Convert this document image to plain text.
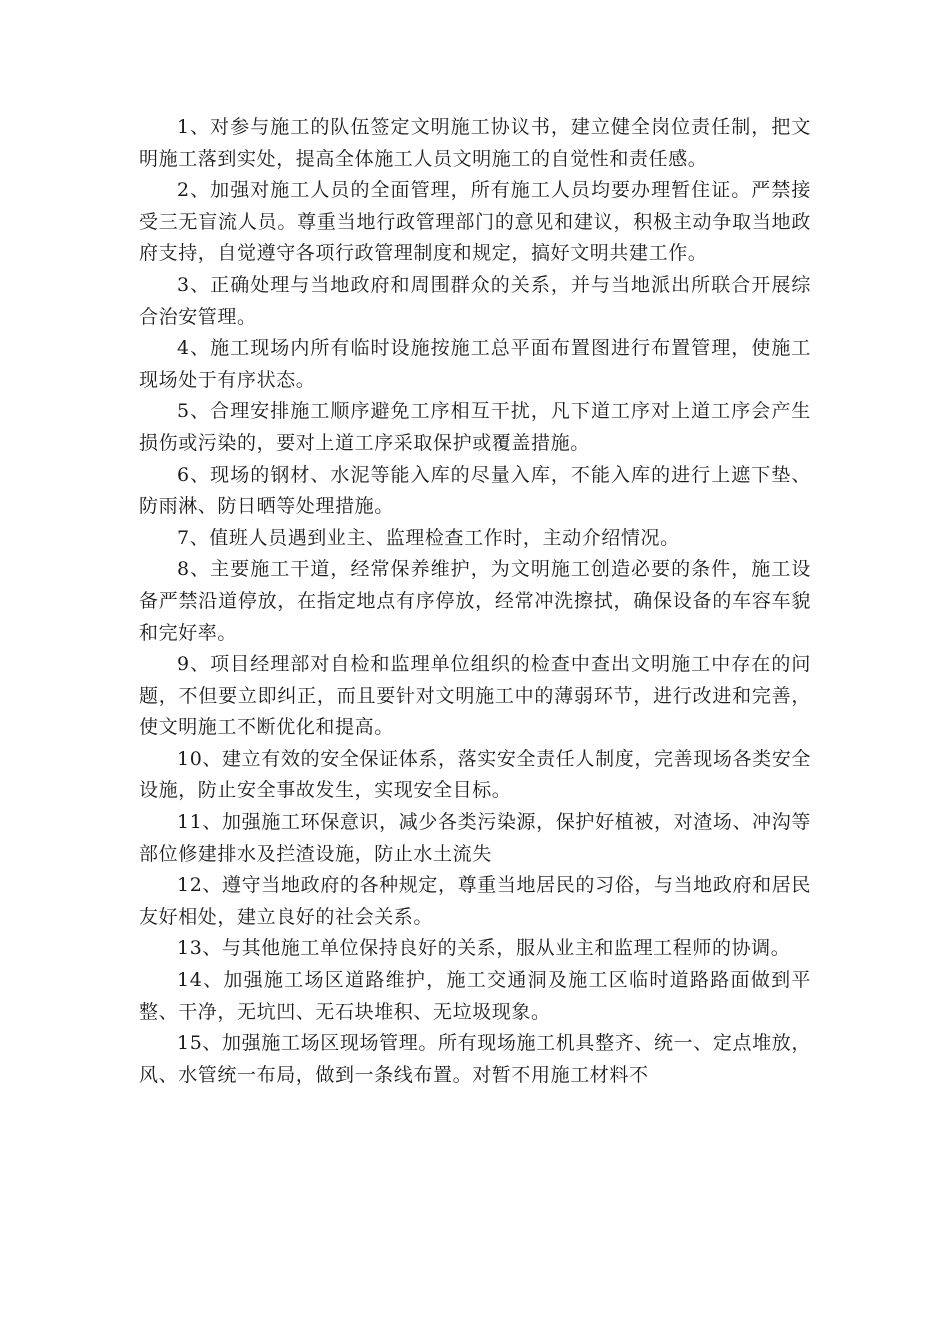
1、对参与施工的队伍签定文明施工协议书，建立健全岗位责任制，把文明施工落到实处，提高全体施工人员文明施工的自觉性和责任感。

2、加强对施工人员的全面管理，所有施工人员均要办理暂住证。严禁接受三无盲流人员。尊重当地行政管理部门的意见和建议，积极主动争取当地政府支持，自觉遵守各项行政管理制度和规定，搞好文明共建工作。

3、正确处理与当地政府和周围群众的关系，并与当地派出所联合开展综合治安管理。

4、施工现场内所有临时设施按施工总平面布置图进行布置管理，使施工现场处于有序状态。

5、合理安排施工顺序避免工序相互干扰，凡下道工序对上道工序会产生损伤或污染的，要对上道工序采取保护或覆盖措施。

6、现场的钢材、水泥等能入库的尽量入库，不能入库的进行上遮下垫、防雨淋、防日晒等处理措施。

7、值班人员遇到业主、监理检查工作时，主动介绍情况。

8、主要施工干道，经常保养维护，为文明施工创造必要的条件，施工设备严禁沿道停放，在指定地点有序停放，经常冲洗擦拭，确保设备的车容车貌和完好率。

9、项目经理部对自检和监理单位组织的检查中查出文明施工中存在的问题，不但要立即纠正，而且要针对文明施工中的薄弱环节，进行改进和完善，使文明施工不断优化和提高。

10、建立有效的安全保证体系，落实安全责任人制度，完善现场各类安全设施，防止安全事故发生，实现安全目标。

11、加强施工环保意识，减少各类污染源，保护好植被，对渣场、冲沟等部位修建排水及拦渣设施，防止水土流失

12、遵守当地政府的各种规定，尊重当地居民的习俗，与当地政府和居民友好相处，建立良好的社会关系。

13、与其他施工单位保持良好的关系，服从业主和监理工程师的协调。

14、加强施工场区道路维护，施工交通洞及施工区临时道路路面做到平整、干净，无坑凹、无石块堆积、无垃圾现象。

15、加强施工场区现场管理。所有现场施工机具整齐、统一、定点堆放，风、水管统一布局，做到一条线布置。对暂不用施工材料不
